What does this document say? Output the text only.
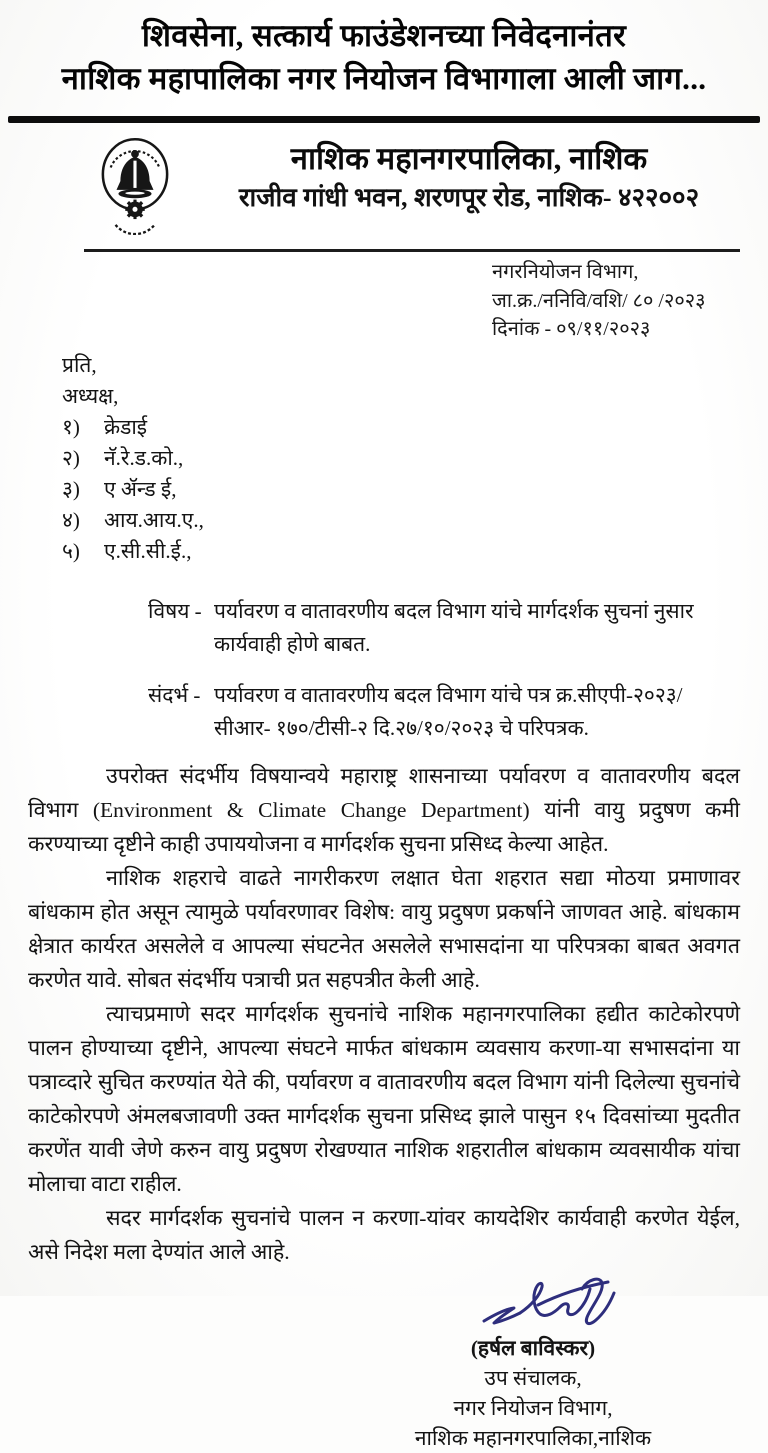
शिवसेना, सत्कार्य फाउंडेशनच्या निवेदनानंतर
नाशिक महापालिका नगर नियोजन विभागाला आली जाग...
नाशिक महानगरपालिका, नाशिक
राजीव गांधी भवन, शरणपूर रोड, नाशिक- ४२२००२
नगरनियोजन विभाग,
जा.क्र./ननिवि/वशि/ ८० /२०२३
दिनांक - ०९/११/२०२३
प्रति,
अध्यक्ष,
१)	क्रेडाई
२)	नॅ.रे.ड.को.,
३)	ए ॲन्ड ई,
४)	आय.आय.ए.,
५)	ए.सी.सी.ई.,
विषय - पर्यावरण व वातावरणीय बदल विभाग यांचे मार्गदर्शक सुचनां नुसार कार्यवाही होणे बाबत.
संदर्भ - पर्यावरण व वातावरणीय बदल विभाग यांचे पत्र क्र.सीएपी-२०२३/सीआर- १७०/टीसी-२ दि.२७/१०/२०२३ चे परिपत्रक.

उपरोक्त संदर्भीय विषयान्वये महाराष्ट्र शासनाच्या पर्यावरण व वातावरणीय बदल विभाग (Environment & Climate Change Department) यांनी वायु प्रदुषण कमी करण्याच्या दृष्टीने काही उपाययोजना व मार्गदर्शक सुचना प्रसिध्द केल्या आहेत.

नाशिक शहराचे वाढते नागरीकरण लक्षात घेता शहरात सद्या मोठया प्रमाणावर बांधकाम होत असून त्यामुळे पर्यावरणावर विशेष: वायु प्रदुषण प्रकर्षाने जाणवत आहे. बांधकाम क्षेत्रात कार्यरत असलेले व आपल्या संघटनेत असलेले सभासदांना या परिपत्रका बाबत अवगत करणेत यावे. सोबत संदर्भीय पत्राची प्रत सहपत्रीत केली आहे.

त्याचप्रमाणे सदर मार्गदर्शक सुचनांचे नाशिक महानगरपालिका हद्यीत काटेकोरपणे पालन होण्याच्या दृष्टीने, आपल्या संघटने मार्फत बांधकाम व्यवसाय करणा-या सभासदांना या पत्राव्दारे सुचित करण्यांत येते की, पर्यावरण व वातावरणीय बदल विभाग यांनी दिलेल्या सुचनांचे काटेकोरपणे अंमलबजावणी उक्त मार्गदर्शक सुचना प्रसिध्द झाले पासुन १५ दिवसांच्या मुदतीत करणेंत यावी जेणे करुन वायु प्रदुषण रोखण्यात नाशिक शहरातील बांधकाम व्यवसायीक यांचा मोलाचा वाटा राहील.

सदर मार्गदर्शक सुचनांचे पालन न करणा-यांवर कायदेशिर कार्यवाही करणेत येईल, असे निदेश मला देण्यांत आले आहे.

(हर्षल बाविस्कर)
उप संचालक,
नगर नियोजन विभाग,
नाशिक महानगरपालिका,नाशिक
